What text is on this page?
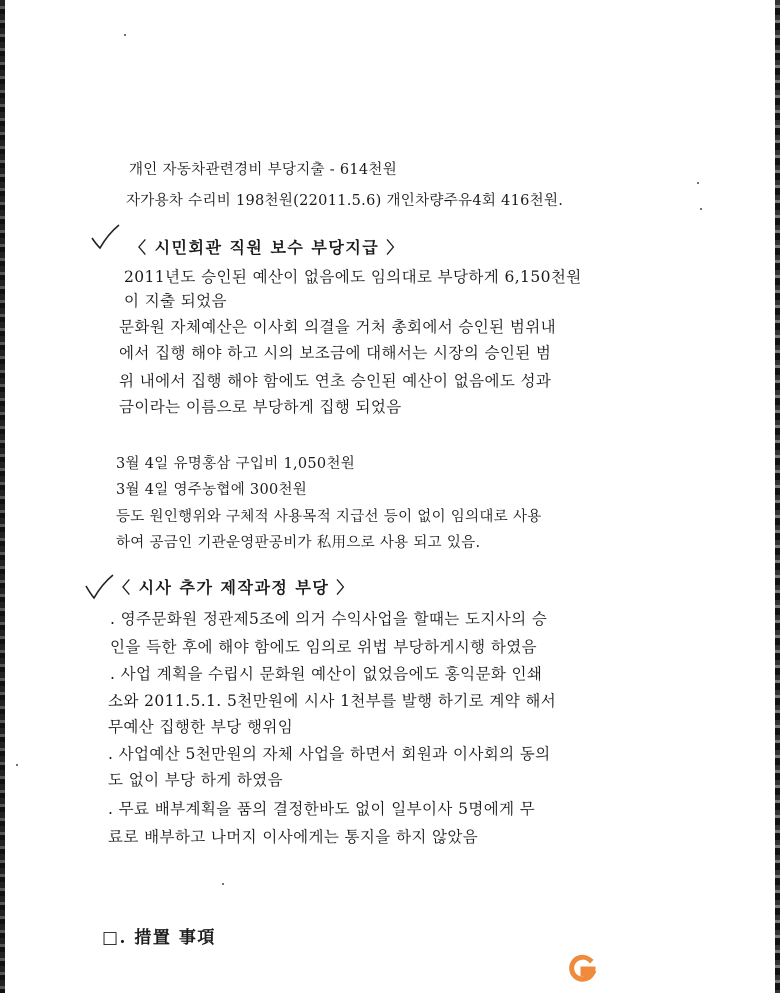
개인 자동차관련경비 부당지출 - 614천원
자가용차 수리비 198천원(22011.5.6) 개인차량주유4회 416천원.
〈 시민회관 직원 보수 부당지급 〉
2011년도 승인된 예산이 없음에도 임의대로 부당하게 6,150천원
이 지출 되었음
문화원 자체예산은 이사회 의결을 거처 총회에서 승인된 범위내
에서 집행 해야 하고 시의 보조금에 대해서는 시장의 승인된 범
위 내에서 집행 해야 함에도 연초 승인된 예산이 없음에도 성과
금이라는 이름으로 부당하게 집행 되었음
3월 4일 유명홍삼 구입비 1,050천원
3월 4일 영주농협에 300천원
등도 원인행위와 구체적 사용목적 지급선 등이 없이 임의대로 사용
하여 공금인 기관운영판공비가 私用으로 사용 되고 있음.
〈 시사 추가 제작과정 부당 〉
. 영주문화원 정관제5조에 의거 수익사업을 할때는 도지사의 승
인을 득한 후에 해야 함에도 임의로 위법 부당하게시행 하였음
. 사업 계획을 수립시 문화원 예산이 없었음에도 홍익문화 인쇄
소와 2011.5.1. 5천만원에 시사 1천부를 발행 하기로 계약 해서
무예산 집행한 부당 행위임
. 사업예산 5천만원의 자체 사업을 하면서 회원과 이사회의 동의
도 없이 부당 하게 하였음
. 무료 배부계획을 품의 결정한바도 없이 일부이사 5명에게 무
료로 배부하고 나머지 이사에게는 통지을 하지 않았음
□. 措置 事項
